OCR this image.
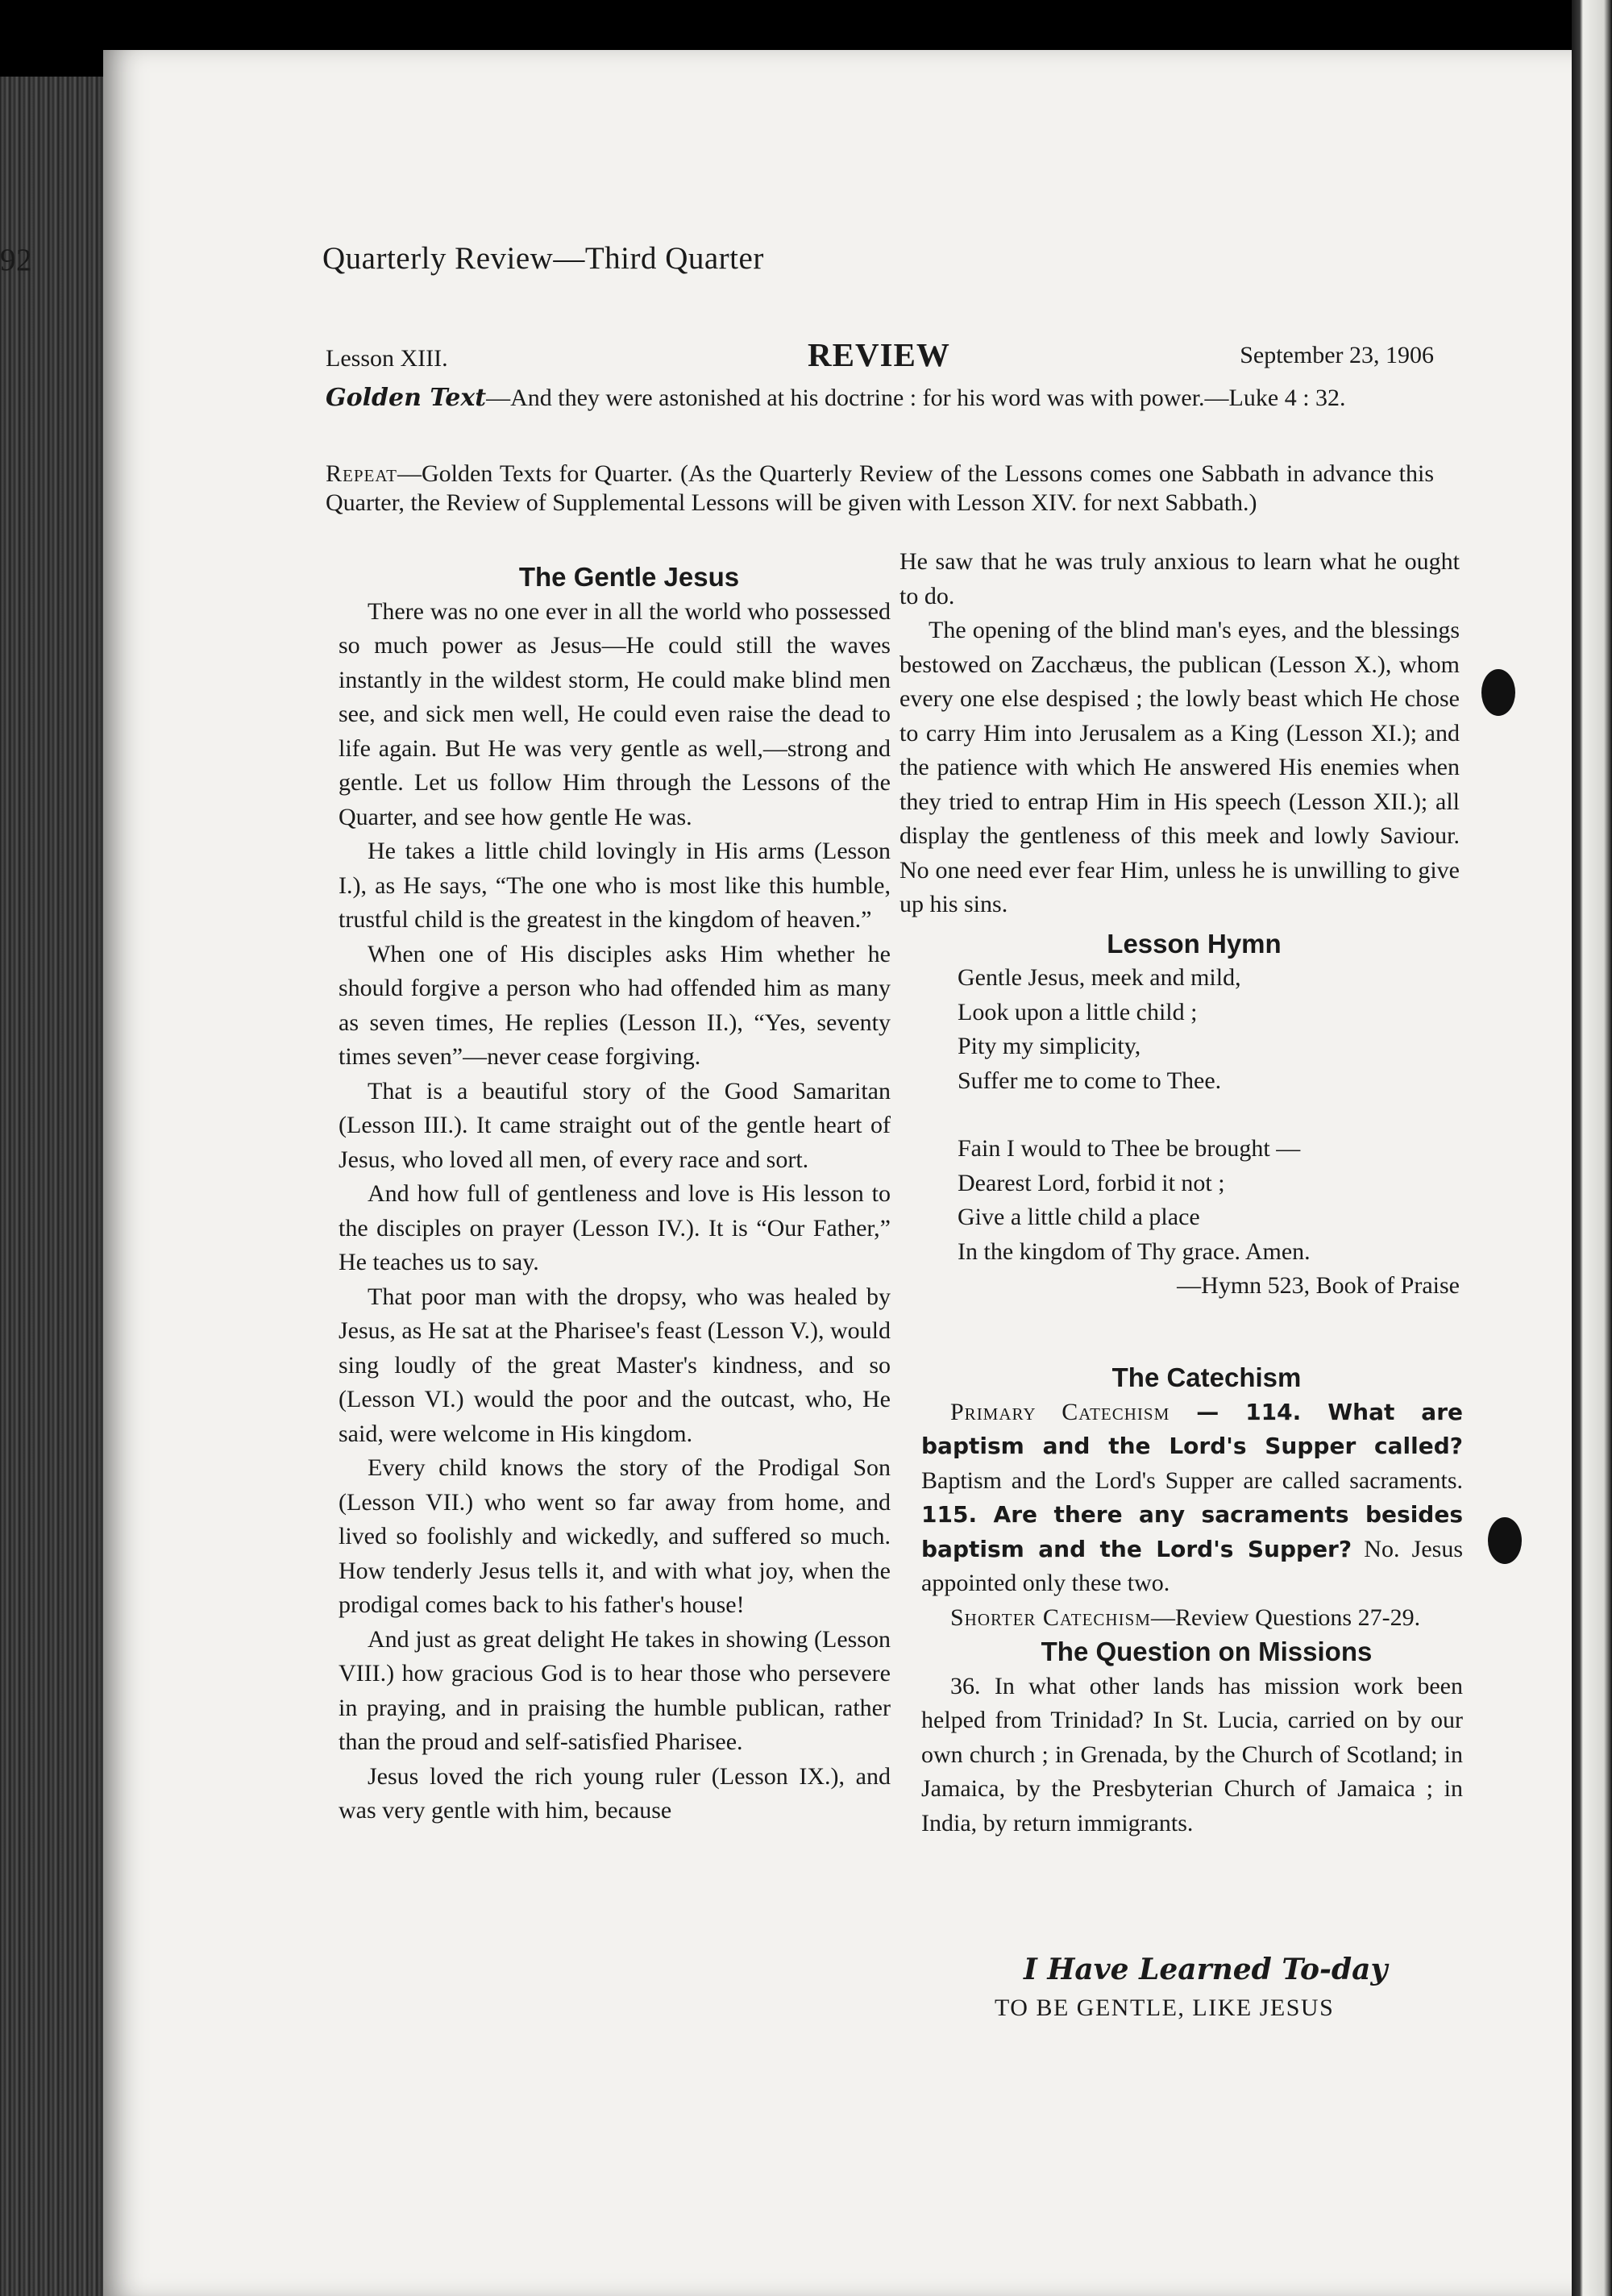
92	Quarterly Review—Third Quarter
Lesson XIII.	REVIEW	September 23, 1906
Golden Text—And they were astonished at his doctrine : for his word was with power.—Luke 4 : 32.
Repeat—Golden Texts for Quarter. (As the Quarterly Review of the Lessons comes one Sabbath in advance this Quarter, the Review of Supplemental Lessons will be given with Lesson XIV. for next Sabbath.)

The Gentle Jesus

There was no one ever in all the world who possessed so much power as Jesus—He could still the waves instantly in the wildest storm, He could make blind men see, and sick men well, He could even raise the dead to life again. But He was very gentle as well,—strong and gentle. Let us follow Him through the Lessons of the Quarter, and see how gentle He was.

He takes a little child lovingly in His arms (Lesson I.), as He says, “The one who is most like this humble, trustful child is the greatest in the kingdom of heaven.”

When one of His disciples asks Him whether he should forgive a person who had offended him as many as seven times, He replies (Lesson II.), “Yes, seventy times seven”—never cease forgiving.

That is a beautiful story of the Good Samaritan (Lesson III.). It came straight out of the gentle heart of Jesus, who loved all men, of every race and sort.

And how full of gentleness and love is His lesson to the disciples on prayer (Lesson IV.). It is “Our Father,” He teaches us to say.

That poor man with the dropsy, who was healed by Jesus, as He sat at the Pharisee's feast (Lesson V.), would sing loudly of the great Master's kindness, and so (Lesson VI.) would the poor and the outcast, who, He said, were welcome in His kingdom.

Every child knows the story of the Prodigal Son (Lesson VII.) who went so far away from home, and lived so foolishly and wickedly, and suffered so much. How tenderly Jesus tells it, and with what joy, when the prodigal comes back to his father's house!

And just as great delight He takes in showing (Lesson VIII.) how gracious God is to hear those who persevere in praying, and in praising the humble publican, rather than the proud and self-satisfied Pharisee.

Jesus loved the rich young ruler (Lesson IX.), and was very gentle with him, because

He saw that he was truly anxious to learn what he ought to do.

The opening of the blind man's eyes, and the blessings bestowed on Zacchæus, the publican (Lesson X.), whom every one else despised ; the lowly beast which He chose to carry Him into Jerusalem as a King (Lesson XI.); and the patience with which He answered His enemies when they tried to entrap Him in His speech (Lesson XII.); all display the gentleness of this meek and lowly Saviour. No one need ever fear Him, unless he is unwilling to give up his sins.

Lesson Hymn

Gentle Jesus, meek and mild,
Look upon a little child ;
Pity my simplicity,
Suffer me to come to Thee.
Fain I would to Thee be brought —
Dearest Lord, forbid it not ;
Give a little child a place
In the kingdom of Thy grace. Amen.
—Hymn 523, Book of Praise

The Catechism

Primary Catechism — 114. What are baptism and the Lord's Supper called? Baptism and the Lord's Supper are called sacraments. 115. Are there any sacraments besides baptism and the Lord's Supper? No. Jesus appointed only these two.

Shorter Catechism—Review Questions 27-29.

The Question on Missions

36. In what other lands has mission work been helped from Trinidad? In St. Lucia, carried on by our own church ; in Grenada, by the Church of Scotland; in Jamaica, by the Presbyterian Church of Jamaica ; in India, by return immigrants.

I Have Learned To-day
TO BE GENTLE, LIKE JESUS
